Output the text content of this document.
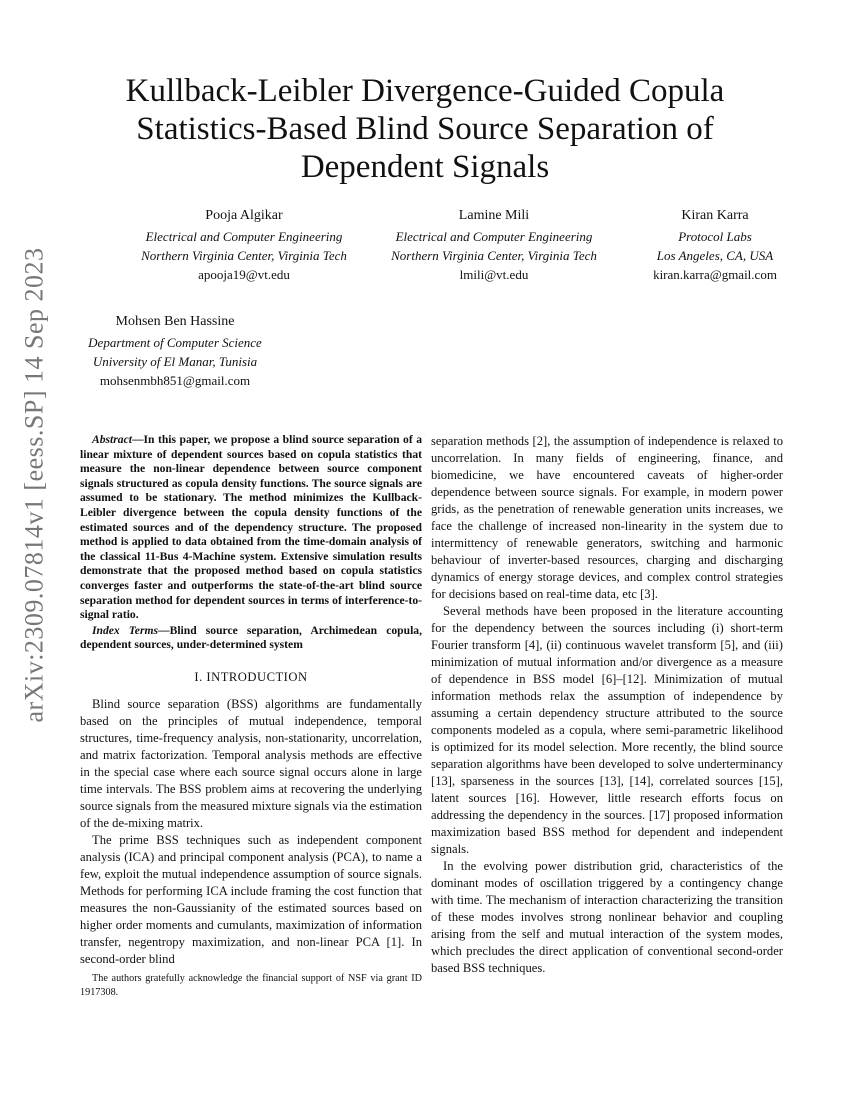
arXiv:2309.07814v1 [eess.SP] 14 Sep 2023
Kullback-Leibler Divergence-Guided Copula Statistics-Based Blind Source Separation of Dependent Signals
Pooja Algikar
Electrical and Computer Engineering
Northern Virginia Center, Virginia Tech
apooja19@vt.edu
Lamine Mili
Electrical and Computer Engineering
Northern Virginia Center, Virginia Tech
lmili@vt.edu
Kiran Karra
Protocol Labs
Los Angeles, CA, USA
kiran.karra@gmail.com
Mohsen Ben Hassine
Department of Computer Science
University of El Manar, Tunisia
mohsenmbh851@gmail.com

Abstract—In this paper, we propose a blind source separation of a linear mixture of dependent sources based on copula statistics that measure the non-linear dependence between source component signals structured as copula density functions. The source signals are assumed to be stationary. The method minimizes the Kullback-Leibler divergence between the copula density functions of the estimated sources and of the dependency structure. The proposed method is applied to data obtained from the time-domain analysis of the classical 11-Bus 4-Machine system. Extensive simulation results demonstrate that the proposed method based on copula statistics converges faster and outperforms the state-of-the-art blind source separation method for dependent sources in terms of interference-to-signal ratio.

Index Terms—Blind source separation, Archimedean copula, dependent sources, under-determined system

I. INTRODUCTION

Blind source separation (BSS) algorithms are fundamentally based on the principles of mutual independence, temporal structures, time-frequency analysis, non-stationarity, uncorrelation, and matrix factorization. Temporal analysis methods are effective in the special case where each source signal occurs alone in large time intervals. The BSS problem aims at recovering the underlying source signals from the measured mixture signals via the estimation of the de-mixing matrix.

The prime BSS techniques such as independent component analysis (ICA) and principal component analysis (PCA), to name a few, exploit the mutual independence assumption of source signals. Methods for performing ICA include framing the cost function that measures the non-Gaussianity of the estimated sources based on higher order moments and cumulants, maximization of information transfer, negentropy maximization, and non-linear PCA [1]. In second-order blind

The authors gratefully acknowledge the financial support of NSF via grant ID 1917308.

separation methods [2], the assumption of independence is relaxed to uncorrelation. In many fields of engineering, finance, and biomedicine, we have encountered caveats of higher-order dependence between source signals. For example, in modern power grids, as the penetration of renewable generation units increases, we face the challenge of increased non-linearity in the system due to intermittency of renewable generators, switching and harmonic behaviour of inverter-based resources, charging and discharging dynamics of energy storage devices, and complex control strategies for decisions based on real-time data, etc [3].

Several methods have been proposed in the literature accounting for the dependency between the sources including (i) short-term Fourier transform [4], (ii) continuous wavelet transform [5], and (iii) minimization of mutual information and/or divergence as a measure of dependence in BSS model [6]–[12]. Minimization of mutual information methods relax the assumption of independence by assuming a certain dependency structure attributed to the source components modeled as a copula, where semi-parametric likelihood is optimized for its model selection. More recently, the blind source separation algorithms have been developed to solve underterminancy [13], sparseness in the sources [13], [14], correlated sources [15], latent sources [16]. However, little research efforts focus on addressing the dependency in the sources. [17] proposed information maximization based BSS method for dependent and independent signals.

In the evolving power distribution grid, characteristics of the dominant modes of oscillation triggered by a contingency change with time. The mechanism of interaction characterizing the transition of these modes involves strong nonlinear behavior and coupling arising from the self and mutual interaction of the system modes, which precludes the direct application of conventional second-order based BSS techniques.
